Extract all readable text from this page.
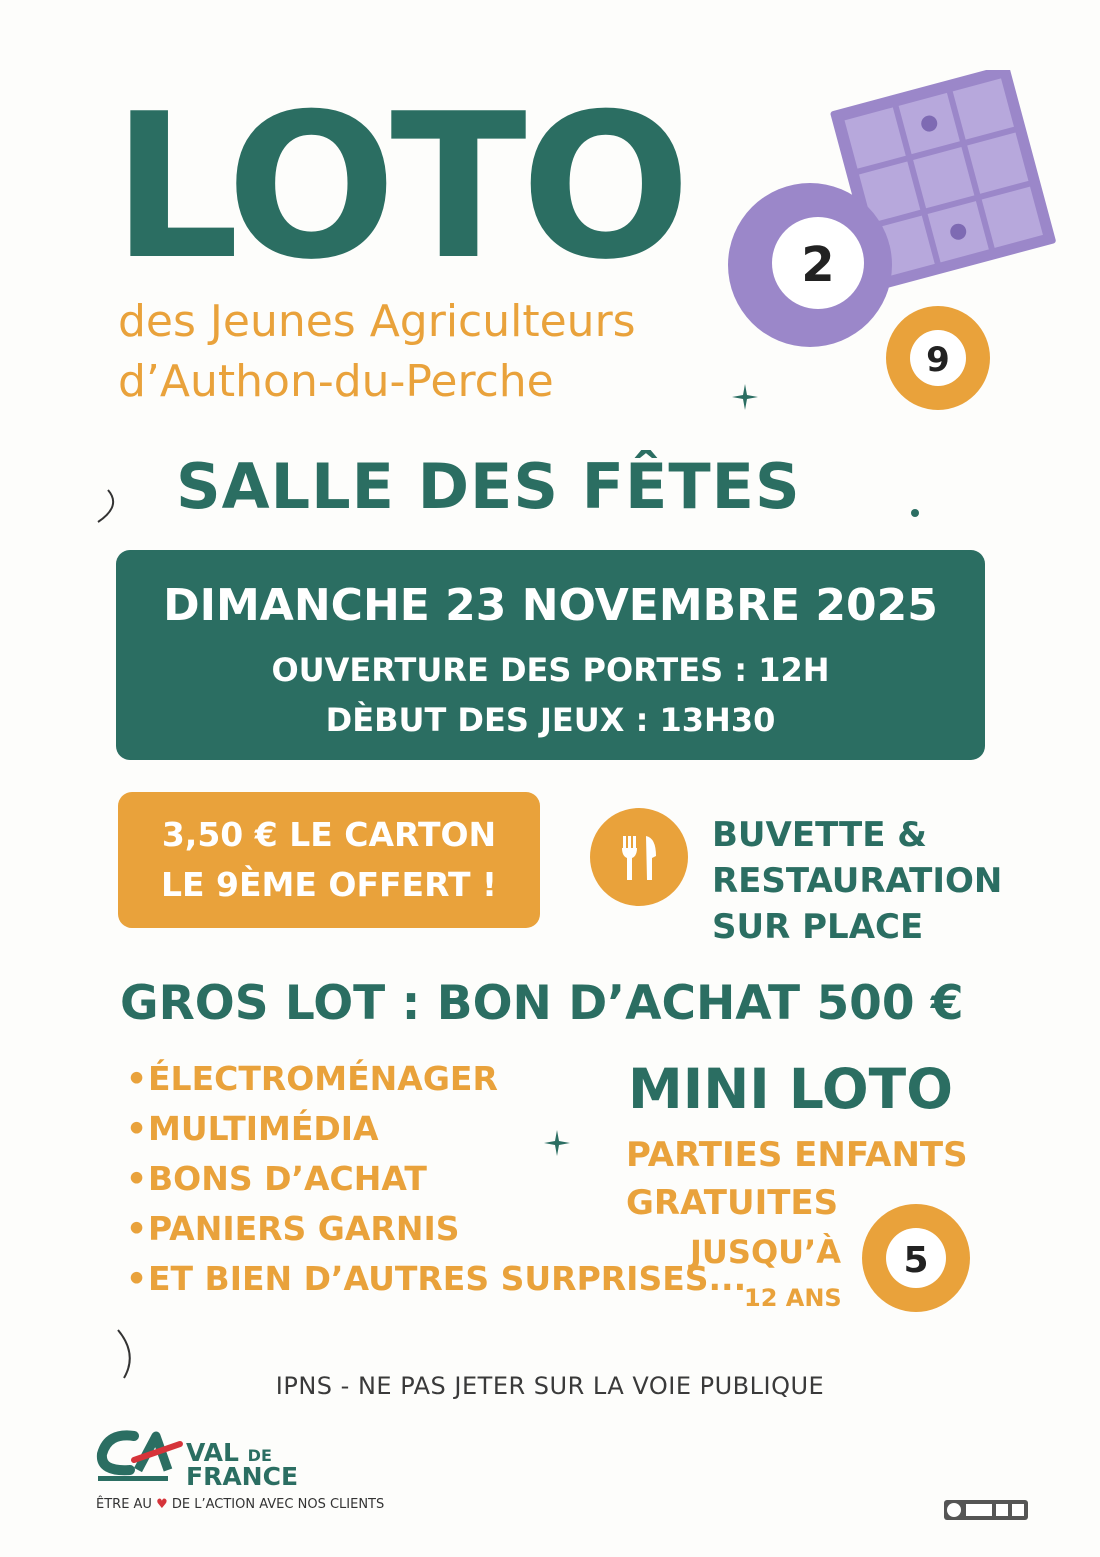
2
9
LOTO
des Jeunes Agriculteurs
d’Authon-du-Perche
SALLE DES FÊTES
DIMANCHE 23 NOVEMBRE 2025
OUVERTURE DES PORTES : 12H
DÈBUT DES JEUX : 13H30
3,50 € LE CARTON
LE 9ÈME OFFERT !
BUVETTE &
RESTAURATION
SUR PLACE
GROS LOT : BON D’ACHAT 500 €
•ÉLECTROMÉNAGER
•MULTIMÉDIA
•BONS D’ACHAT
•PANIERS GARNIS
•ET BIEN D’AUTRES SURPRISES...
MINI LOTO
PARTIES ENFANTS
GRATUITES
JUSQU’À
12 ANS
5
IPNS - NE PAS JETER SUR LA VOIE PUBLIQUE
VAL DE
FRANCE
ÊTRE AU ♥ DE L’ACTION AVEC NOS CLIENTS
